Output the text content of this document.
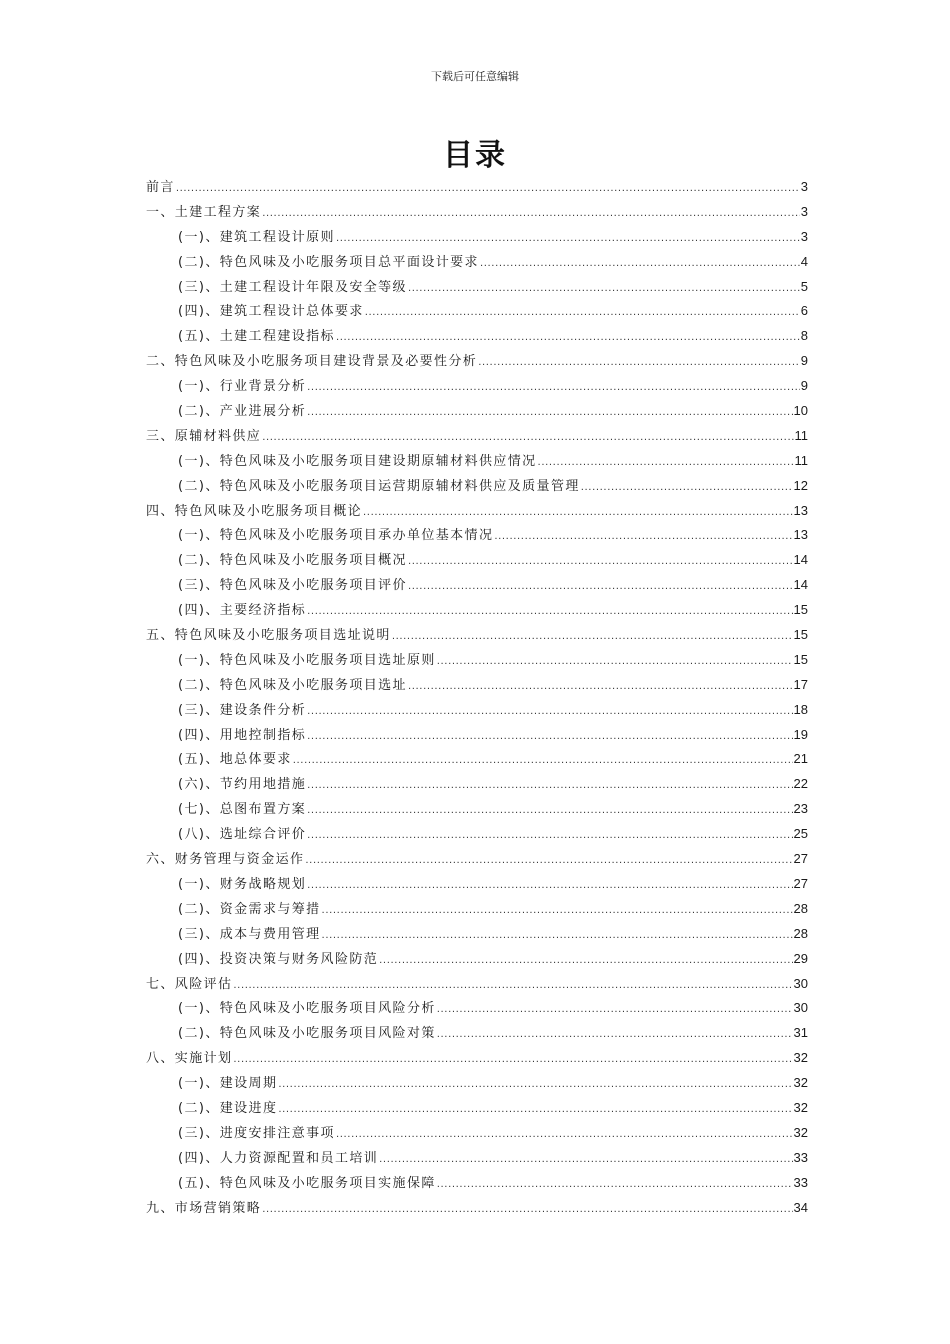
下载后可任意编辑
目录
前言 .....	3
一、土建工程方案 .....	3
(一)、建筑工程设计原则 .....	3
(二)、特色风味及小吃服务项目总平面设计要求 .....	4
(三)、土建工程设计年限及安全等级 .....	5
(四)、建筑工程设计总体要求 .....	6
(五)、土建工程建设指标 .....	8
二、特色风味及小吃服务项目建设背景及必要性分析 .....	9
(一)、行业背景分析 .....	9
(二)、产业进展分析 .....	10
三、原辅材料供应 .....	11
(一)、特色风味及小吃服务项目建设期原辅材料供应情况 .....	11
(二)、特色风味及小吃服务项目运营期原辅材料供应及质量管理 .....	12
四、特色风味及小吃服务项目概论 .....	13
(一)、特色风味及小吃服务项目承办单位基本情况 .....	13
(二)、特色风味及小吃服务项目概况 .....	14
(三)、特色风味及小吃服务项目评价 .....	14
(四)、主要经济指标 .....	15
五、特色风味及小吃服务项目选址说明 .....	15
(一)、特色风味及小吃服务项目选址原则 .....	15
(二)、特色风味及小吃服务项目选址 .....	17
(三)、建设条件分析 .....	18
(四)、用地控制指标 .....	19
(五)、地总体要求 .....	21
(六)、节约用地措施 .....	22
(七)、总图布置方案 .....	23
(八)、选址综合评价 .....	25
六、财务管理与资金运作 .....	27
(一)、财务战略规划 .....	27
(二)、资金需求与筹措 .....	28
(三)、成本与费用管理 .....	28
(四)、投资决策与财务风险防范 .....	29
七、风险评估 .....	30
(一)、特色风味及小吃服务项目风险分析 .....	30
(二)、特色风味及小吃服务项目风险对策 .....	31
八、实施计划 .....	32
(一)、建设周期 .....	32
(二)、建设进度 .....	32
(三)、进度安排注意事项 .....	32
(四)、人力资源配置和员工培训 .....	33
(五)、特色风味及小吃服务项目实施保障 .....	33
九、市场营销策略 .....	34
